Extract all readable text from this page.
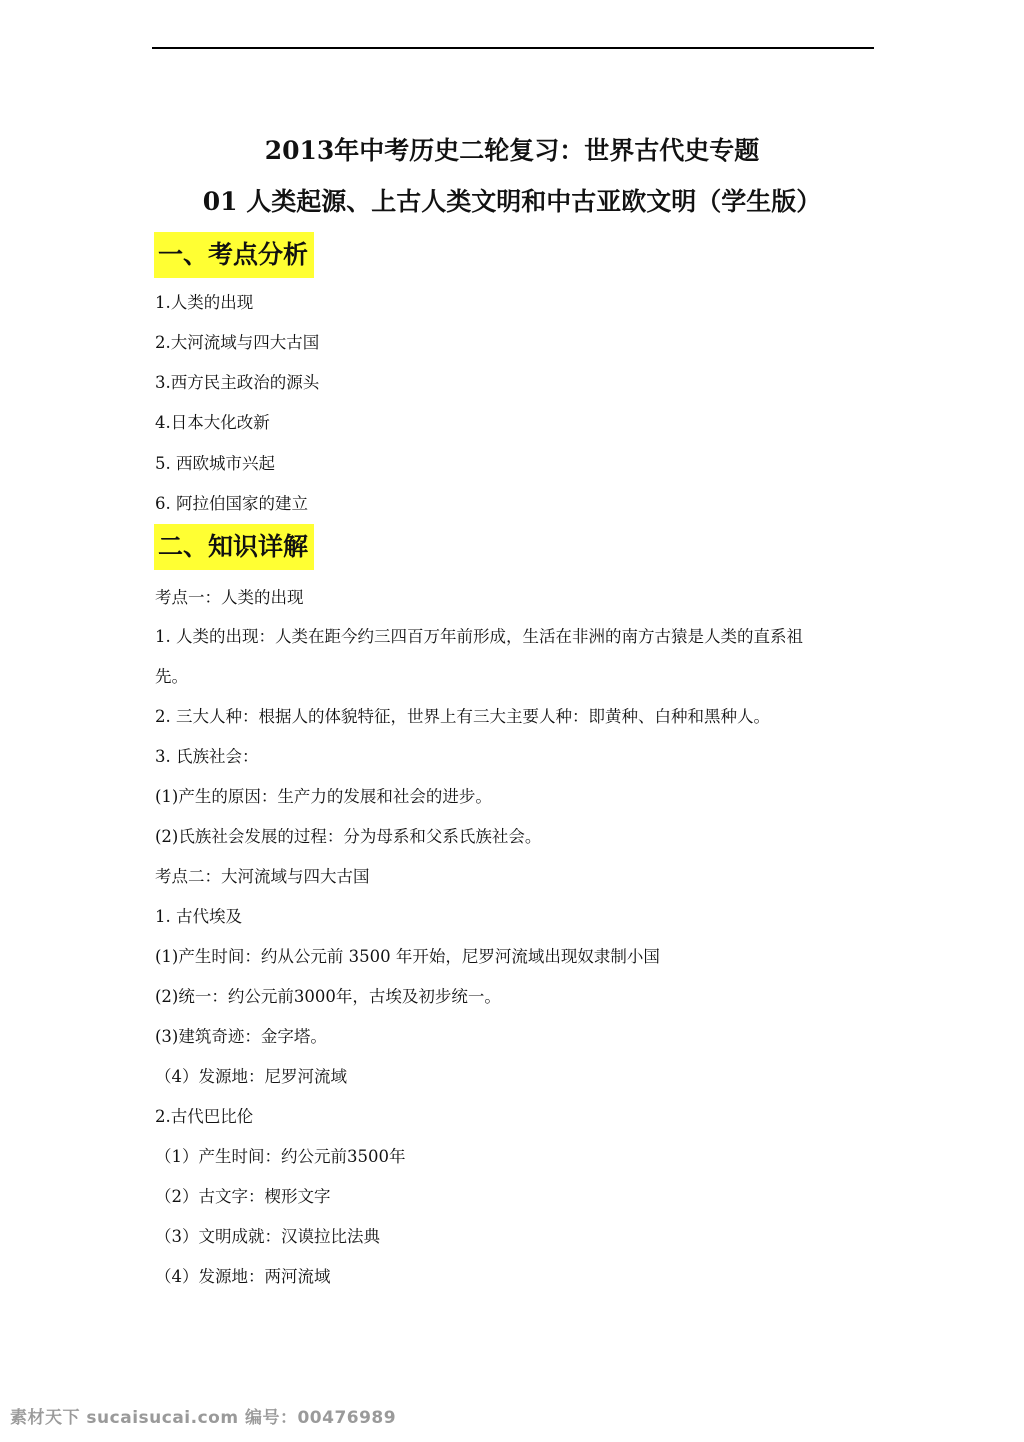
2013年中考历史二轮复习：世界古代史专题
01 人类起源、上古人类文明和中古亚欧文明（学生版）
一、考点分析
1.人类的出现
2.大河流域与四大古国
3.西方民主政治的源头
4.日本大化改新
5. 西欧城市兴起
6. 阿拉伯国家的建立
二、知识详解
考点一：人类的出现
1. 人类的出现：人类在距今约三四百万年前形成，生活在非洲的南方古猿是人类的直系祖
先。
2. 三大人种：根据人的体貌特征，世界上有三大主要人种：即黄种、白种和黑种人。
3. 氏族社会：
(1)产生的原因：生产力的发展和社会的进步。
(2)氏族社会发展的过程：分为母系和父系氏族社会。
考点二：大河流域与四大古国
1. 古代埃及
(1)产生时间：约从公元前 3500 年开始，尼罗河流域出现奴隶制小国
(2)统一：约公元前3000年，古埃及初步统一。
(3)建筑奇迹：金字塔。
（4）发源地：尼罗河流域
2.古代巴比伦
（1）产生时间：约公元前3500年
（2）古文字：楔形文字
（3）文明成就：汉谟拉比法典
（4）发源地：两河流域
素材天下 sucaisucai.com 编号：00476989
